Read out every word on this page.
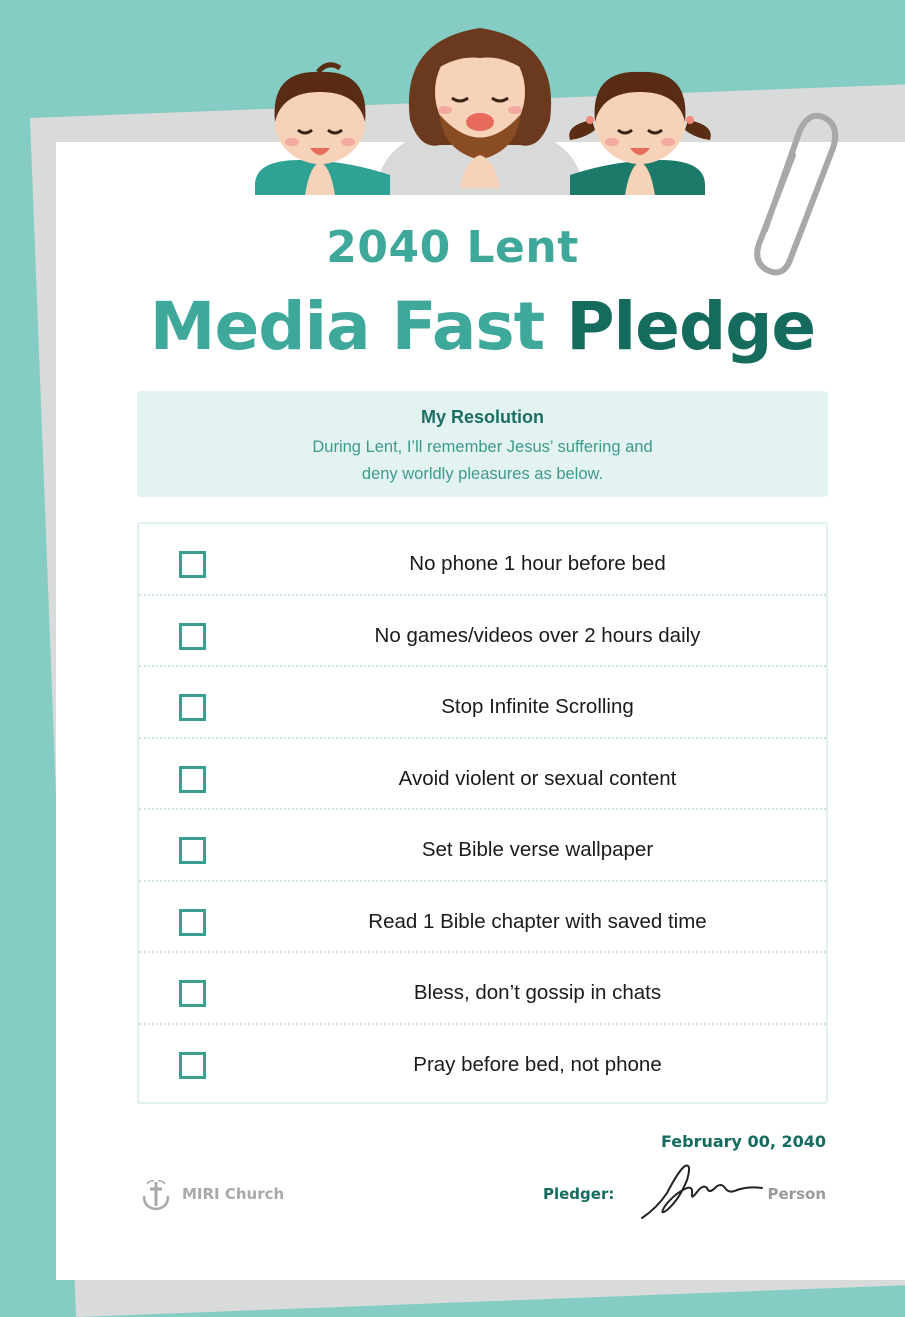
2040 Lent
Media Fast Pledge
My Resolution
During Lent, I’ll remember Jesus’ suffering and
deny worldly pleasures as below.
No phone 1 hour before bed
No games/videos over 2 hours daily
Stop Infinite Scrolling
Avoid violent or sexual content
Set Bible verse wallpaper
Read 1 Bible chapter with saved time
Bless, don’t gossip in chats
Pray before bed, not phone
February 00, 2040
MIRI Church	Pledger:	Person
